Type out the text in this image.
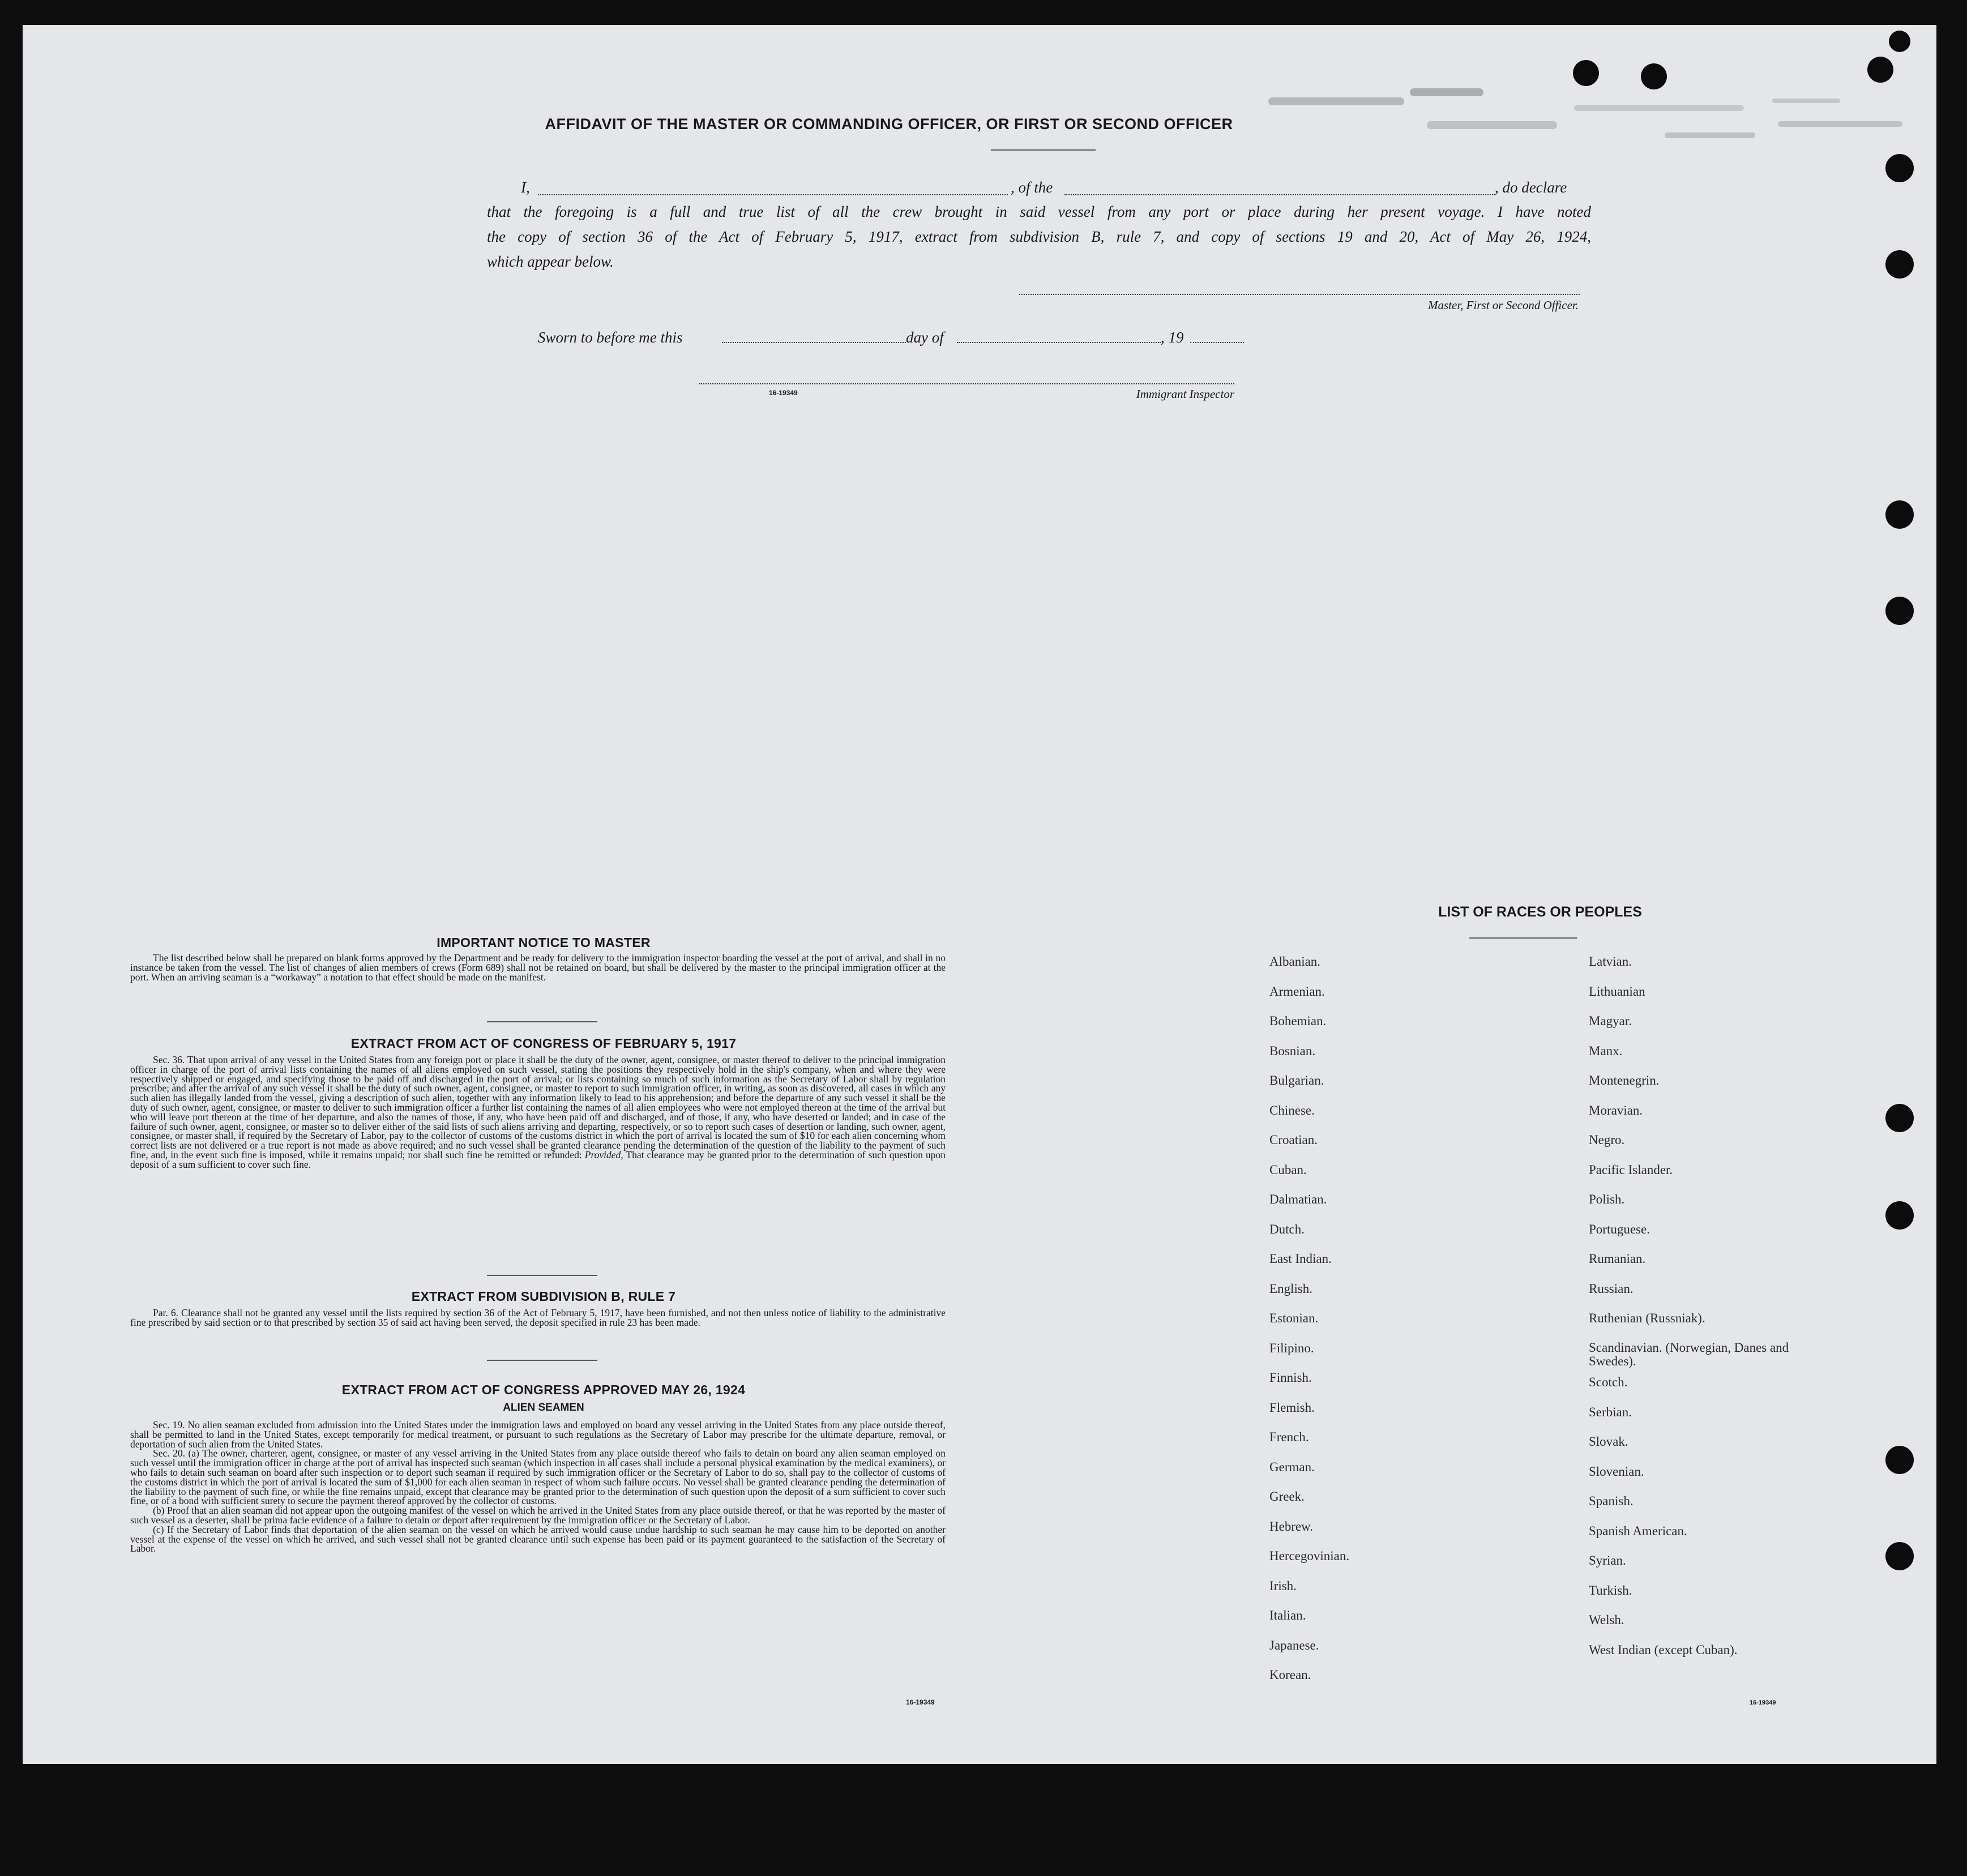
AFFIDAVIT OF THE MASTER OR COMMANDING OFFICER, OR FIRST OR SECOND OFFICER
I,	, of the	, do declare
that the foregoing is a full and true list of all the crew brought in said vessel from any port or place during her present voyage. I have noted
the copy of section 36 of the Act of February 5, 1917, extract from subdivision B, rule 7, and copy of sections 19 and 20, Act of May 26, 1924,
which appear below.
Master, First or Second Officer.
Sworn to before me this	day of	, 19
16-19349	Immigrant Inspector
IMPORTANT NOTICE TO MASTER

The list described below shall be prepared on blank forms approved by the Department and be ready for delivery to the immigration inspector boarding the vessel at the port of arrival, and shall in no instance be taken from the vessel. The list of changes of alien members of crews (Form 689) shall not be retained on board, but shall be delivered by the master to the principal immigration officer at the port. When an arriving seaman is a “workaway” a notation to that effect should be made on the manifest.

EXTRACT FROM ACT OF CONGRESS OF FEBRUARY 5, 1917

Sec. 36. That upon arrival of any vessel in the United States from any foreign port or place it shall be the duty of the owner, agent, consignee, or master thereof to deliver to the principal immigration officer in charge of the port of arrival lists containing the names of all aliens employed on such vessel, stating the positions they respectively hold in the ship's company, when and where they were respectively shipped or engaged, and specifying those to be paid off and discharged in the port of arrival; or lists containing so much of such information as the Secretary of Labor shall by regulation prescribe; and after the arrival of any such vessel it shall be the duty of such owner, agent, consignee, or master to report to such immigration officer, in writing, as soon as discovered, all cases in which any such alien has illegally landed from the vessel, giving a description of such alien, together with any information likely to lead to his apprehension; and before the departure of any such vessel it shall be the duty of such owner, agent, consignee, or master to deliver to such immigration officer a further list containing the names of all alien employees who were not employed thereon at the time of the arrival but who will leave port thereon at the time of her departure, and also the names of those, if any, who have been paid off and discharged, and of those, if any, who have deserted or landed; and in case of the failure of such owner, agent, consignee, or master so to deliver either of the said lists of such aliens arriving and departing, respectively, or so to report such cases of desertion or landing, such owner, agent, consignee, or master shall, if required by the Secretary of Labor, pay to the collector of customs of the customs district in which the port of arrival is located the sum of $10 for each alien concerning whom correct lists are not delivered or a true report is not made as above required; and no such vessel shall be granted clearance pending the determination of the question of the liability to the payment of such fine, and, in the event such fine is imposed, while it remains unpaid; nor shall such fine be remitted or refunded: Provided, That clearance may be granted prior to the determination of such question upon deposit of a sum sufficient to cover such fine.

EXTRACT FROM SUBDIVISION B, RULE 7

Par. 6. Clearance shall not be granted any vessel until the lists required by section 36 of the Act of February 5, 1917, have been furnished, and not then unless notice of liability to the administrative fine prescribed by said section or to that prescribed by section 35 of said act having been served, the deposit specified in rule 23 has been made.

EXTRACT FROM ACT OF CONGRESS APPROVED MAY 26, 1924
ALIEN SEAMEN

Sec. 19. No alien seaman excluded from admission into the United States under the immigration laws and employed on board any vessel arriving in the United States from any place outside thereof, shall be permitted to land in the United States, except temporarily for medical treatment, or pursuant to such regulations as the Secretary of Labor may prescribe for the ultimate departure, removal, or deportation of such alien from the United States.

Sec. 20. (a) The owner, charterer, agent, consignee, or master of any vessel arriving in the United States from any place outside thereof who fails to detain on board any alien seaman employed on such vessel until the immigration officer in charge at the port of arrival has inspected such seaman (which inspection in all cases shall include a personal physical examination by the medical examiners), or who fails to detain such seaman on board after such inspection or to deport such seaman if required by such immigration officer or the Secretary of Labor to do so, shall pay to the collector of customs of the customs district in which the port of arrival is located the sum of $1,000 for each alien seaman in respect of whom such failure occurs. No vessel shall be granted clearance pending the determination of the liability to the payment of such fine, or while the fine remains unpaid, except that clearance may be granted prior to the determination of such question upon the deposit of a sum sufficient to cover such fine, or of a bond with sufficient surety to secure the payment thereof approved by the collector of customs.

(b) Proof that an alien seaman did not appear upon the outgoing manifest of the vessel on which he arrived in the United States from any place outside thereof, or that he was reported by the master of such vessel as a deserter, shall be prima facie evidence of a failure to detain or deport after requirement by the immigration officer or the Secretary of Labor.

(c) If the Secretary of Labor finds that deportation of the alien seaman on the vessel on which he arrived would cause undue hardship to such seaman he may cause him to be deported on another vessel at the expense of the vessel on which he arrived, and such vessel shall not be granted clearance until such expense has been paid or its payment guaranteed to the satisfaction of the Secretary of Labor.

16-19349
LIST OF RACES OR PEOPLES
16-19349
Albanian.
Armenian.
Bohemian.
Bosnian.
Bulgarian.
Chinese.
Croatian.
Cuban.
Dalmatian.
Dutch.
East Indian.
English.
Estonian.
Filipino.
Finnish.
Flemish.
French.
German.
Greek.
Hebrew.
Hercegovinian.
Irish.
Italian.
Japanese.
Korean.
Latvian.
Lithuanian
Magyar.
Manx.
Montenegrin.
Moravian.
Negro.
Pacific Islander.
Polish.
Portuguese.
Rumanian.
Russian.
Ruthenian (Russniak).
Scandinavian. (Norwegian, Danes and Swedes).
Scotch.
Serbian.
Slovak.
Slovenian.
Spanish.
Spanish American.
Syrian.
Turkish.
Welsh.
West Indian (except Cuban).
